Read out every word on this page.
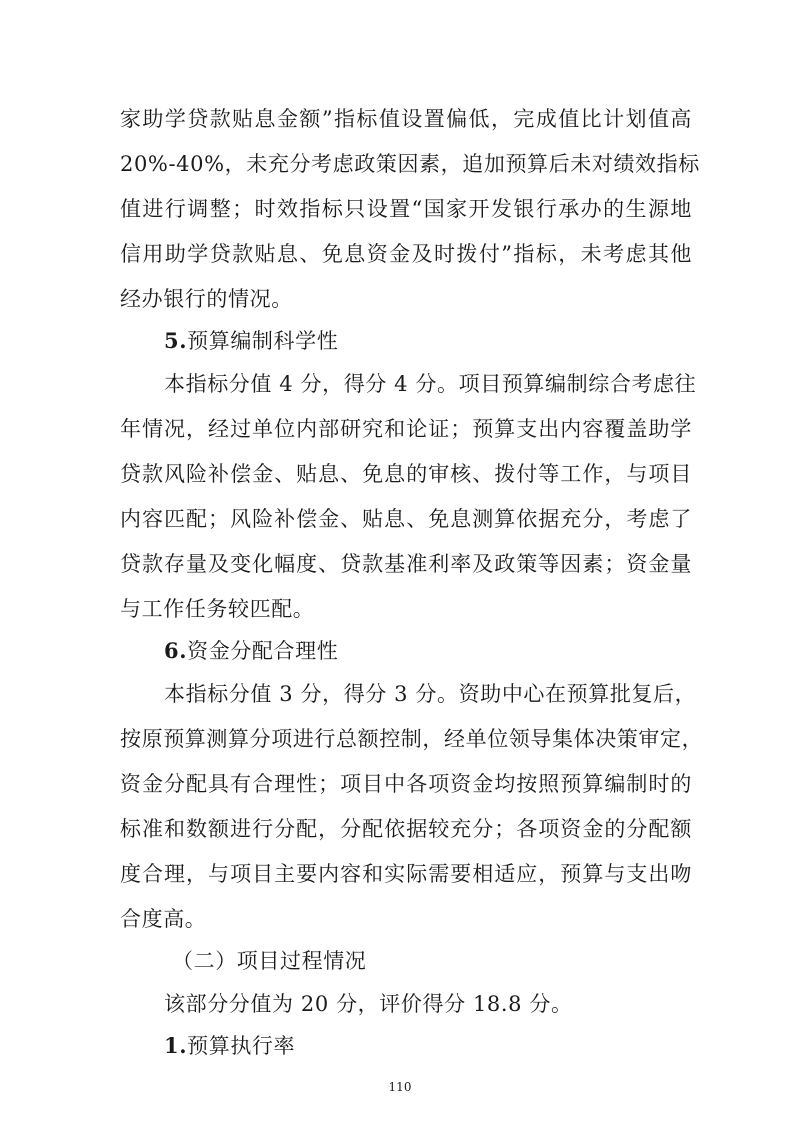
家助学贷款贴息金额”指标值设置偏低，完成值比计划值高
20%-40%，未充分考虑政策因素，追加预算后未对绩效指标
值进行调整；时效指标只设置“国家开发银行承办的生源地
信用助学贷款贴息、免息资金及时拨付”指标，未考虑其他
经办银行的情况。
5.预算编制科学性
本指标分值 4 分，得分 4 分。项目预算编制综合考虑往
年情况，经过单位内部研究和论证；预算支出内容覆盖助学
贷款风险补偿金、贴息、免息的审核、拨付等工作，与项目
内容匹配；风险补偿金、贴息、免息测算依据充分，考虑了
贷款存量及变化幅度、贷款基准利率及政策等因素；资金量
与工作任务较匹配。
6.资金分配合理性
本指标分值 3 分，得分 3 分。资助中心在预算批复后，
按原预算测算分项进行总额控制，经单位领导集体决策审定，
资金分配具有合理性；项目中各项资金均按照预算编制时的
标准和数额进行分配，分配依据较充分；各项资金的分配额
度合理，与项目主要内容和实际需要相适应，预算与支出吻
合度高。
（二）项目过程情况
该部分分值为 20 分，评价得分 18.8 分。
1.预算执行率
110
